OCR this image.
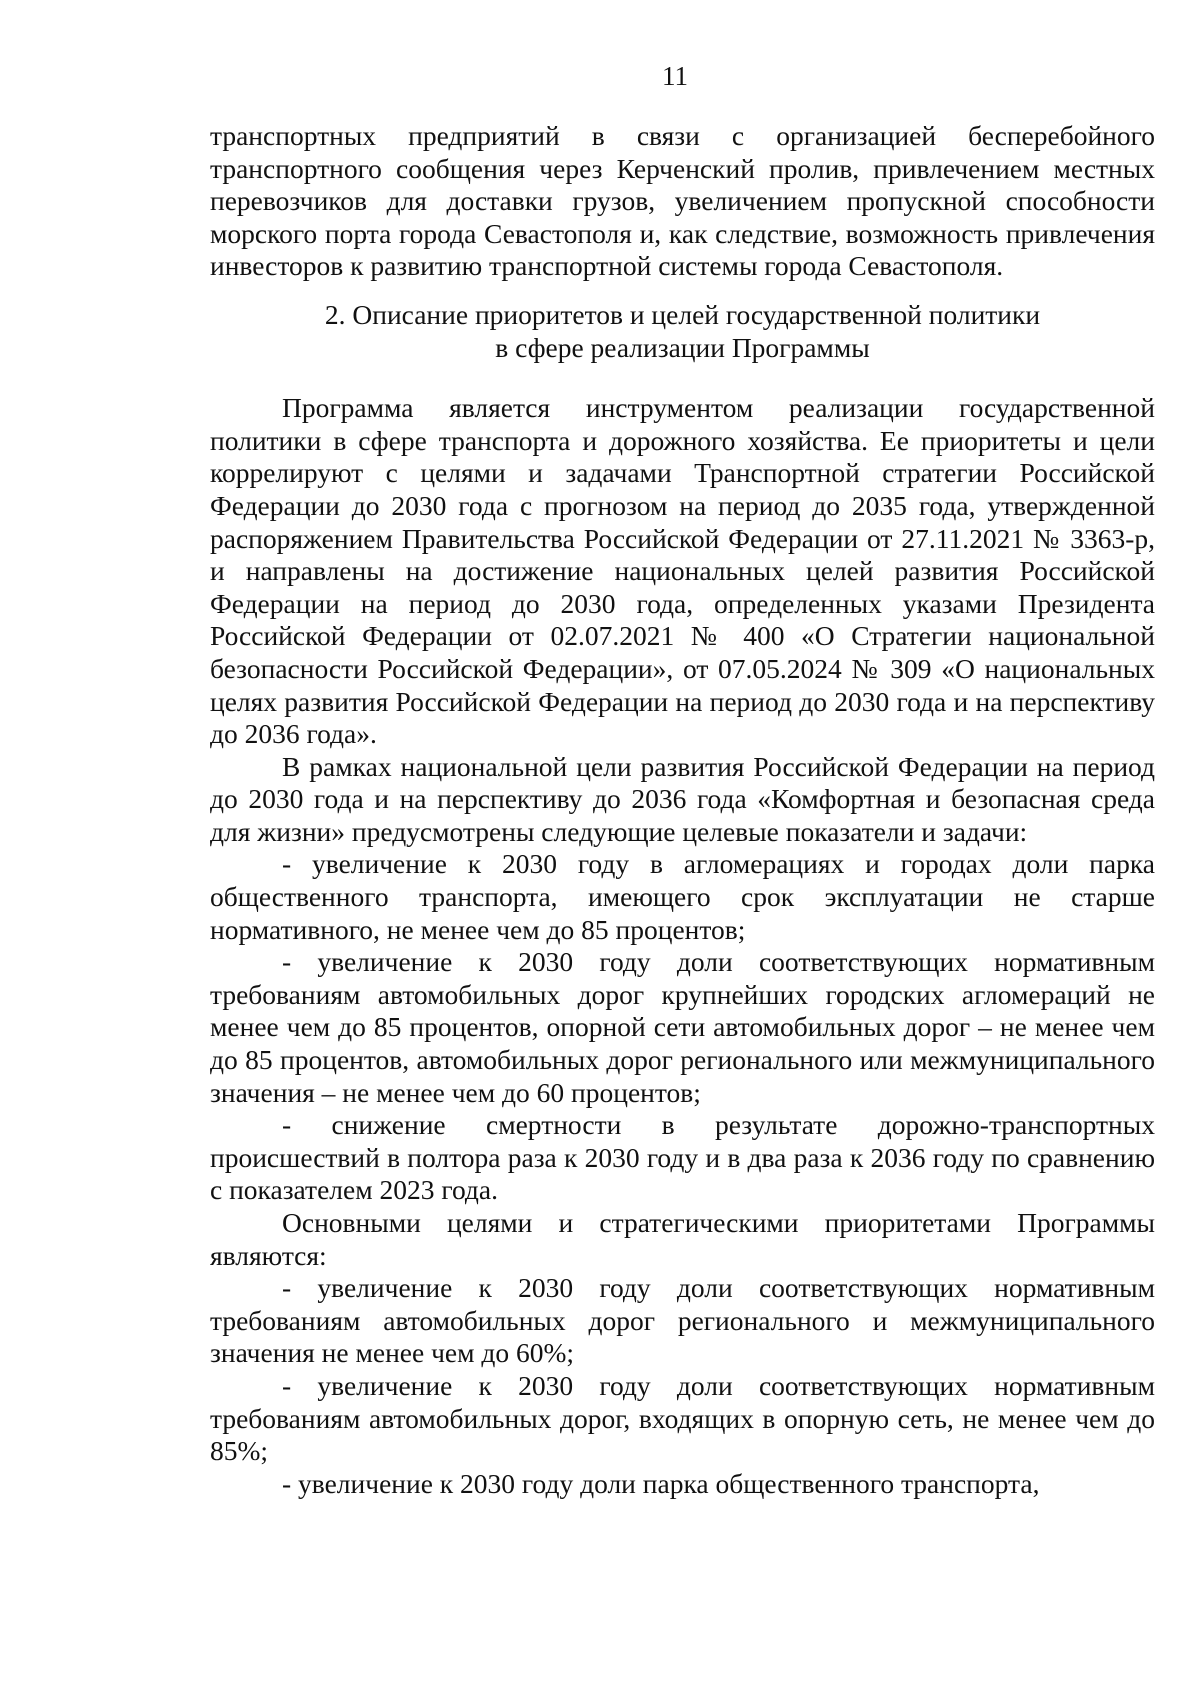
11

транспортных предприятий в связи с организацией бесперебойного транспортного сообщения через Керченский пролив, привлечением местных перевозчиков для доставки грузов, увеличением пропускной способности морского порта города Севастополя и, как следствие, возможность привлечения инвесторов к развитию транспортной системы города Севастополя.

2. Описание приоритетов и целей государственной политики
в сфере реализации Программы

Программа является инструментом реализации государственной политики в сфере транспорта и дорожного хозяйства. Ее приоритеты и цели коррелируют с целями и задачами Транспортной стратегии Российской Федерации до 2030 года с прогнозом на период до 2035 года, утвержденной распоряжением Правительства Российской Федерации от 27.11.2021 № 3363-р, и направлены на достижение национальных целей развития Российской Федерации на период до 2030 года, определенных указами Президента Российской Федерации от 02.07.2021 № 400 «О Стратегии национальной безопасности Российской Федерации», от 07.05.2024 № 309 «О национальных целях развития Российской Федерации на период до 2030 года и на перспективу до 2036 года».

В рамках национальной цели развития Российской Федерации на период до 2030 года и на перспективу до 2036 года «Комфортная и безопасная среда для жизни» предусмотрены следующие целевые показатели и задачи:

- увеличение к 2030 году в агломерациях и городах доли парка общественного транспорта, имеющего срок эксплуатации не старше нормативного, не менее чем до 85 процентов;

- увеличение к 2030 году доли соответствующих нормативным требованиям автомобильных дорог крупнейших городских агломераций не менее чем до 85 процентов, опорной сети автомобильных дорог – не менее чем до 85 процентов, автомобильных дорог регионального или межмуниципального значения – не менее чем до 60 процентов;

- снижение смертности в результате дорожно-транспортных происшествий в полтора раза к 2030 году и в два раза к 2036 году по сравнению с показателем 2023 года.

Основными целями и стратегическими приоритетами Программы являются:

- увеличение к 2030 году доли соответствующих нормативным требованиям автомобильных дорог регионального и межмуниципального значения не менее чем до 60%;

- увеличение к 2030 году доли соответствующих нормативным требованиям автомобильных дорог, входящих в опорную сеть, не менее чем до 85%;

- увеличение к 2030 году доли парка общественного транспорта,
